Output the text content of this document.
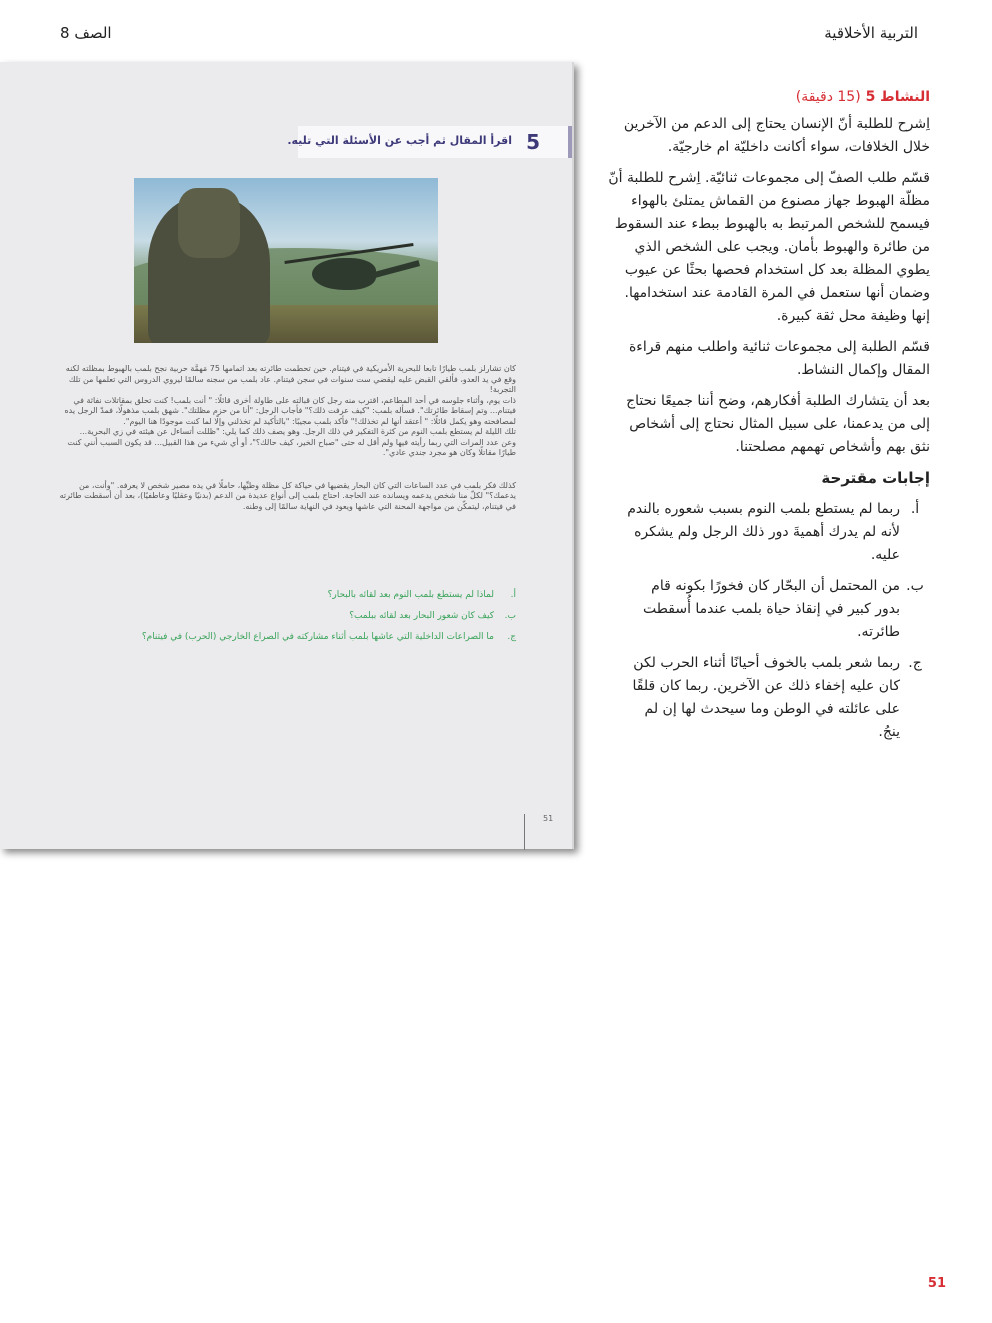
التربية الأخلاقية
الصف 8
5
اقرأ المقال ثم أجب عن الأسئلة التي تليه.

كان تشارلز بلمب طيارًا تابعا للبحرية الأمريكية في فيتنام. حين تحطمت طائرته بعد اتمامها 75 مَهمَّة حربية نجح بلمب بالهبوط بمظلته لكنه وقع في يد العدو، فألقي القبض عليه ليقضي ست سنوات في سجن فيتنام. عاد بلمب من سجنه سالمًا ليروي الدروس التي تعلمها من تلك التجربة!

ذات يوم، وأثناء جلوسه في أحد المطاعم، اقترب منه رجل كان قبالته على طاولة أخرى قائلًا: " أنت بلمب! كنت تحلق بمقاتلات نفاثة في فيتنام... وتم إسقاط طائرتك". فسأله بلمب: "كيف عرفت ذلك؟" فأجاب الرجل: "أنا من حزم مظلتك". شهق بلمب مذهولًا، فمدّ الرجل يده لمصافحته وهو يكمل قائلًا: " أعتقد أنها لم تخذلك!" فأكد بلمب مجيبًا: "بالتأكيد لم تخذلني وإلّا لما كنت موجودًا هنا اليوم".

تلك الليلة لم يستطع بلمب النوم من كثرة التفكير في ذلك الرجل. وهو يصف ذلك كما يلي: "ظللت أتساءل عن هيئته في زي البحرية...

وعن عدد المرات التي ربما رأيته فيها ولم أقل له حتى "صباح الخير، كيف حالك؟"، أو أي شيء من هذا القبيل... قد يكون السبب أنني كنت طيارًا مقاتلًا وكان هو مجرد جندي عادي".

كذلك فكر بلمب في عدد الساعات التي كان البحار يقضيها في حياكة كل مظلة وطيِّها، حاملًا في يده مصير شخص لا يعرفه. "وأنت، من يدعمك؟" لكلّ منا شخص يدعمه ويسانده عند الحاجة. احتاج بلمب إلى أنواع عديدة من الدعم (بدنيًا وعقليًا وعاطفيًا)، بعد أن أسقطت طائرته في فيتنام، ليتمكّن من مواجهة المحنة التي عاشها ويعود في النهاية سالمًا إلى وطنه.

أ.
لماذا لم يستطع بلمب النوم بعد لقائه بالبحار؟
ب.
كيف كان شعور البحار بعد لقائه ببلمب؟
ج.
ما الصراعات الداخلية التي عاشها بلمب أثناء مشاركته في الصراع الخارجي (الحرب) في فيتنام؟
51
النشاط 5 (15 دقيقة)

اِشرح للطلبة أنّ الإنسان يحتاج إلى الدعم من الآخرين خلال الخلافات، سواء أكانت داخليّة ام خارجيّة.

قسّم طلب الصفّ إلى مجموعات ثنائيّة. اِشرح للطلبة أنّ مظلّة الهبوط جهاز مصنوع من القماش يمتلئ بالهواء فيسمح للشخص المرتبط به بالهبوط ببطء عند السقوط من طائرة والهبوط بأمان. ويجب على الشخص الذي يطوي المظلة بعد كل استخدام فحصها بحثًا عن عيوب وضمان أنها ستعمل في المرة القادمة عند استخدامها. إنها وظيفة محل ثقة كبيرة.

قسّم الطلبة إلى مجموعات ثنائية واطلب منهم قراءة المقال وإكمال النشاط.

بعد أن يتشارك الطلبة أفكارهم، وضح أننا جميعًا نحتاج إلى من يدعمنا، على سبيل المثال نحتاج إلى أشخاص نثق بهم وأشخاص تهمهم مصلحتنا.

إجابات مقترحة
أ.
ربما لم يستطع بلمب النوم بسبب شعوره بالندم لأنه لم يدرك أهميةَ دور ذلك الرجل ولم يشكره عليه.
ب.
من المحتمل أن البحّار كان فخورًا بكونه قام بدور كبير في إنقاذ حياة بلمب عندما أُسقطت طائرته.
ج.
ربما شعر بلمب بالخوف أحيانًا أثناء الحرب لكن كان عليه إخفاء ذلك عن الآخرين. ربما كان قلقًا على عائلته في الوطن وما سيحدث لها إن لم ينجُ.
51
